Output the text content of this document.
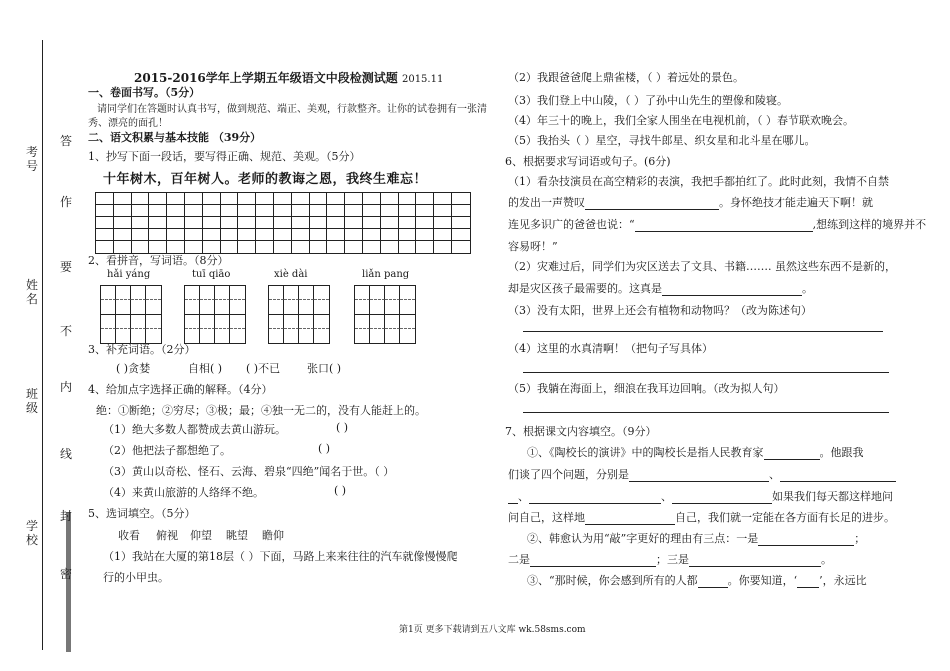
考号
姓名
班级
学校
答
作
要
不
内
线
封
密
2015-2016学年上学期五年级语文中段检测试题 2015.11
一、卷面书写。（5分）
请同学们在答题时认真书写，做到规范、端正、美观，行款整齐。让你的试卷拥有一张清
秀、漂亮的面孔！
二、语文积累与基本技能 （39分）
1、抄写下面一段话，要写得正确、规范、美观。（5分）
十年树木，百年树人。老师的教诲之恩，我终生难忘！
2、看拼音，写词语。（8分）
hǎi yáng	tuī qiāo	xiè dài	liǎn pang
3、补充词语。（2分）
( )贪婪	自相( ) ( )不已 张口( )
4、给加点字选择正确的解释。（4分）
绝：①断绝；②穷尽；③极；最；④独一无二的，没有人能赶上的。
（1）绝大多数人都赞成去黄山游玩。	( )
（2）他把法子都想绝了。	( )
（3）黄山以奇松、怪石、云海、碧泉“四绝”闻名于世。（ ）
（4）来黄山旅游的人络绎不绝。	( )
5、选词填空。（5分）
收看 俯视 仰望 眺望 瞻仰
（1）我站在大厦的第18层（ ）下面，马路上来来往往的汽车就像慢慢爬
行的小甲虫。
（2）我跟爸爸爬上鼎雀楼，（ ）着远处的景色。
（3）我们登上中山陵，（ ）了孙中山先生的塑像和陵寝。
（4）年三十的晚上，我们全家人围坐在电视机前，（ ）春节联欢晚会。
（5）我抬头（ ）星空，寻找牛郎星、织女星和北斗星在哪儿。
6、根据要求写词语或句子。(6分)
（1）看杂技演员在高空精彩的表演，我把手都拍红了。此时此刻，我情不自禁
的发出一声赞叹	。身怀绝技才能走遍天下啊！就
连见多识广的爸爸也说：“	,想练到这样的境界并不
容易呀！”
（2）灾难过后，同学们为灾区送去了文具、书籍……. 虽然这些东西不是新的，
却是灾区孩子最需要的。这真是	。
（3）没有太阳，世界上还会有植物和动物吗？（改为陈述句）
（4）这里的水真清啊！（把句子写具体）
（5）我躺在海面上，细浪在我耳边回响。（改为拟人句）
7、根据课文内容填空。（9分）
①、《陶校长的演讲》中的陶校长是指人民教育家	。他跟我
们谈了四个问题，分别是	、
、	、	如果我们每天都这样地问
问自己，这样地	自己，我们就一定能在各方面有长足的进步。
②、韩愈认为用“敲”字更好的理由有三点：一是	；
二是	；三是	。
③、“那时候，你会感到所有的人都	。你要知道，‘ ’，永远比
第1页 更多下载请到五八文库 wk.58sms.com
